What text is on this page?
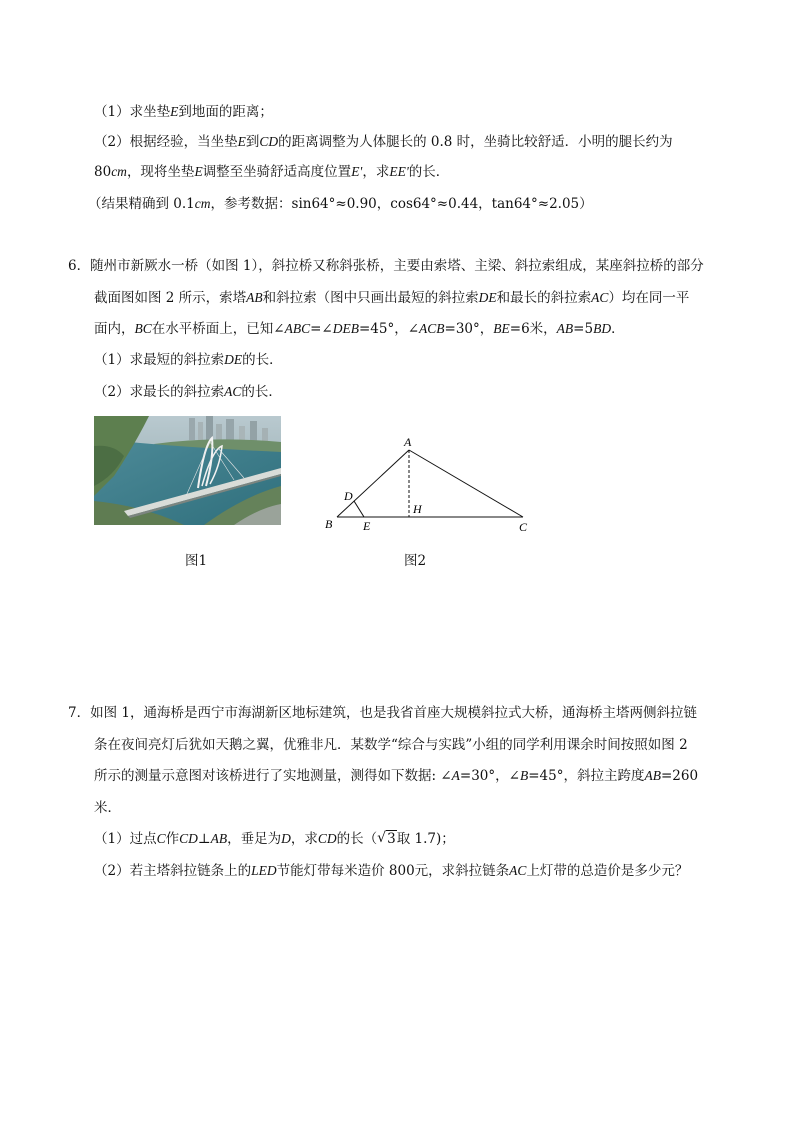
（1）求坐垫E到地面的距离；
（2）根据经验，当坐垫E到CD的距离调整为人体腿长的 0.8 时，坐骑比较舒适．小明的腿长约为
80cm，现将坐垫E调整至坐骑舒适高度位置E'，求EE'的长．
（结果精确到 0.1cm，参考数据：sin64°≈0.90，cos64°≈0.44，tan64°≈2.05）
6．随州市新厥水一桥（如图 1），斜拉桥又称斜张桥，主要由索塔、主梁、斜拉索组成，某座斜拉桥的部分
截面图如图 2 所示，索塔AB和斜拉索（图中只画出最短的斜拉索DE和最长的斜拉索AC）均在同一平
面内，BC在水平桥面上，已知∠ABC=∠DEB=45°，∠ACB=30°，BE=6米，AB=5BD．
（1）求最短的斜拉索DE的长．
（2）求最长的斜拉索AC的长．
A
B	C
D
E
H
图1	图2
7．如图 1，通海桥是西宁市海湖新区地标建筑，也是我省首座大规模斜拉式大桥，通海桥主塔两侧斜拉链
条在夜间亮灯后犹如天鹅之翼，优雅非凡．某数学“综合与实践”小组的同学利用课余时间按照如图 2
所示的测量示意图对该桥进行了实地测量，测得如下数据: ∠A=30°，∠B=45°，斜拉主跨度AB=260
米．
（1）过点C作CD⊥AB，垂足为D，求CD的长（ √ 3取 1.7)；
（2）若主塔斜拉链条上的LED节能灯带每米造价 800元，求斜拉链条AC上灯带的总造价是多少元？
